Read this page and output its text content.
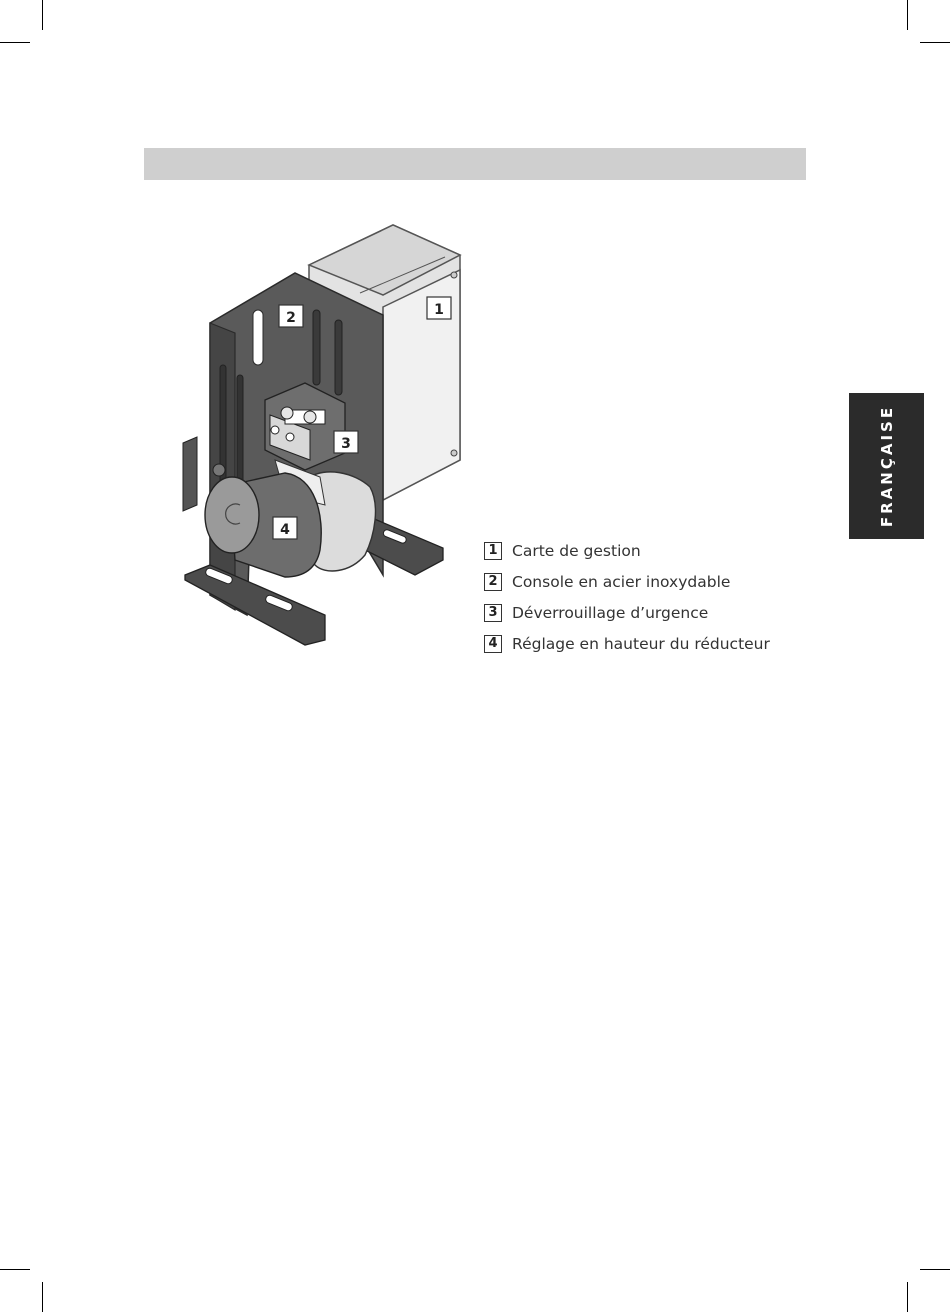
1
2
3
4
FRANÇAISE
1 Carte de gestion
2 Console en acier inoxydable
3 Déverrouillage d’urgence
4 Réglage en hauteur du réducteur
